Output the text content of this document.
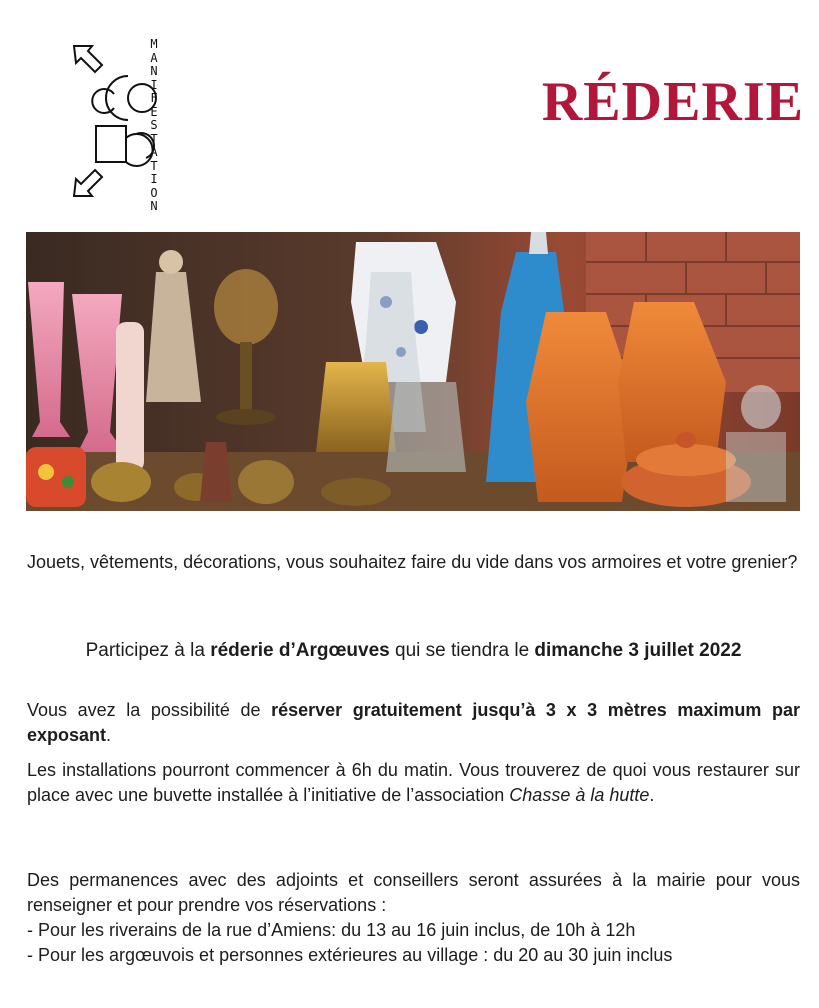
MANIFESTATION
RÉDERIE
Jouets, vêtements, décorations, vous souhaitez faire du vide dans vos armoires et votre grenier?
Participez à la réderie d’Argœuves qui se tiendra le dimanche 3 juillet 2022
Vous avez la possibilité de réserver gratuitement jusqu’à 3 x 3 mètres maximum par exposant.
Les installations pourront commencer à 6h du matin. Vous trouverez de quoi vous restaurer sur place avec une buvette installée à l’initiative de l’association Chasse à la hutte.
Des permanences avec des adjoints et conseillers seront assurées à la mairie pour vous renseigner et pour prendre vos réservations :
- Pour les riverains de la rue d’Amiens: du 13 au 16 juin inclus, de 10h à 12h
- Pour les argœuvois et personnes extérieures au village : du 20 au 30 juin inclus
